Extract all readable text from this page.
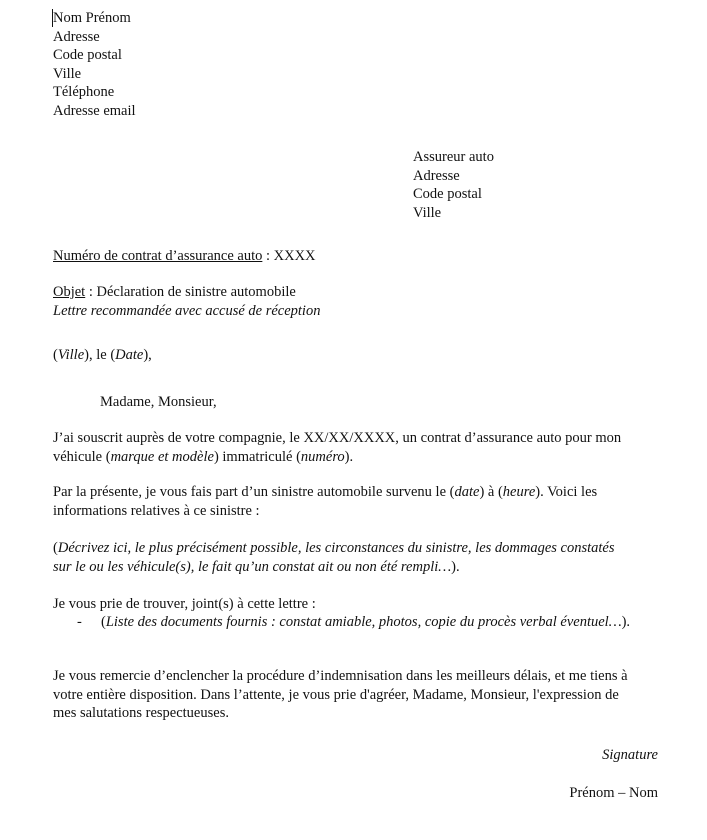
Nom Prénom
Adresse
Code postal
Ville
Téléphone
Adresse email
Assureur auto
Adresse
Code postal
Ville
Numéro de contrat d’assurance auto : XXXX
Objet : Déclaration de sinistre automobile
Lettre recommandée avec accusé de réception
(Ville), le (Date),
Madame, Monsieur,
J’ai souscrit auprès de votre compagnie, le XX/XX/XXXX, un contrat d’assurance auto pour mon
véhicule (marque et modèle) immatriculé (numéro).
Par la présente, je vous fais part d’un sinistre automobile survenu le (date) à (heure). Voici les
informations relatives à ce sinistre :
(Décrivez ici, le plus précisément possible, les circonstances du sinistre, les dommages constatés
sur le ou les véhicule(s), le fait qu’un constat ait ou non été rempli…).
Je vous prie de trouver, joint(s) à cette lettre :
- (Liste des documents fournis : constat amiable, photos, copie du procès verbal éventuel…).
Je vous remercie d’enclencher la procédure d’indemnisation dans les meilleurs délais, et me tiens à
votre entière disposition. Dans l’attente, je vous prie d'agréer, Madame, Monsieur, l'expression de
mes salutations respectueuses.
Signature
Prénom – Nom
